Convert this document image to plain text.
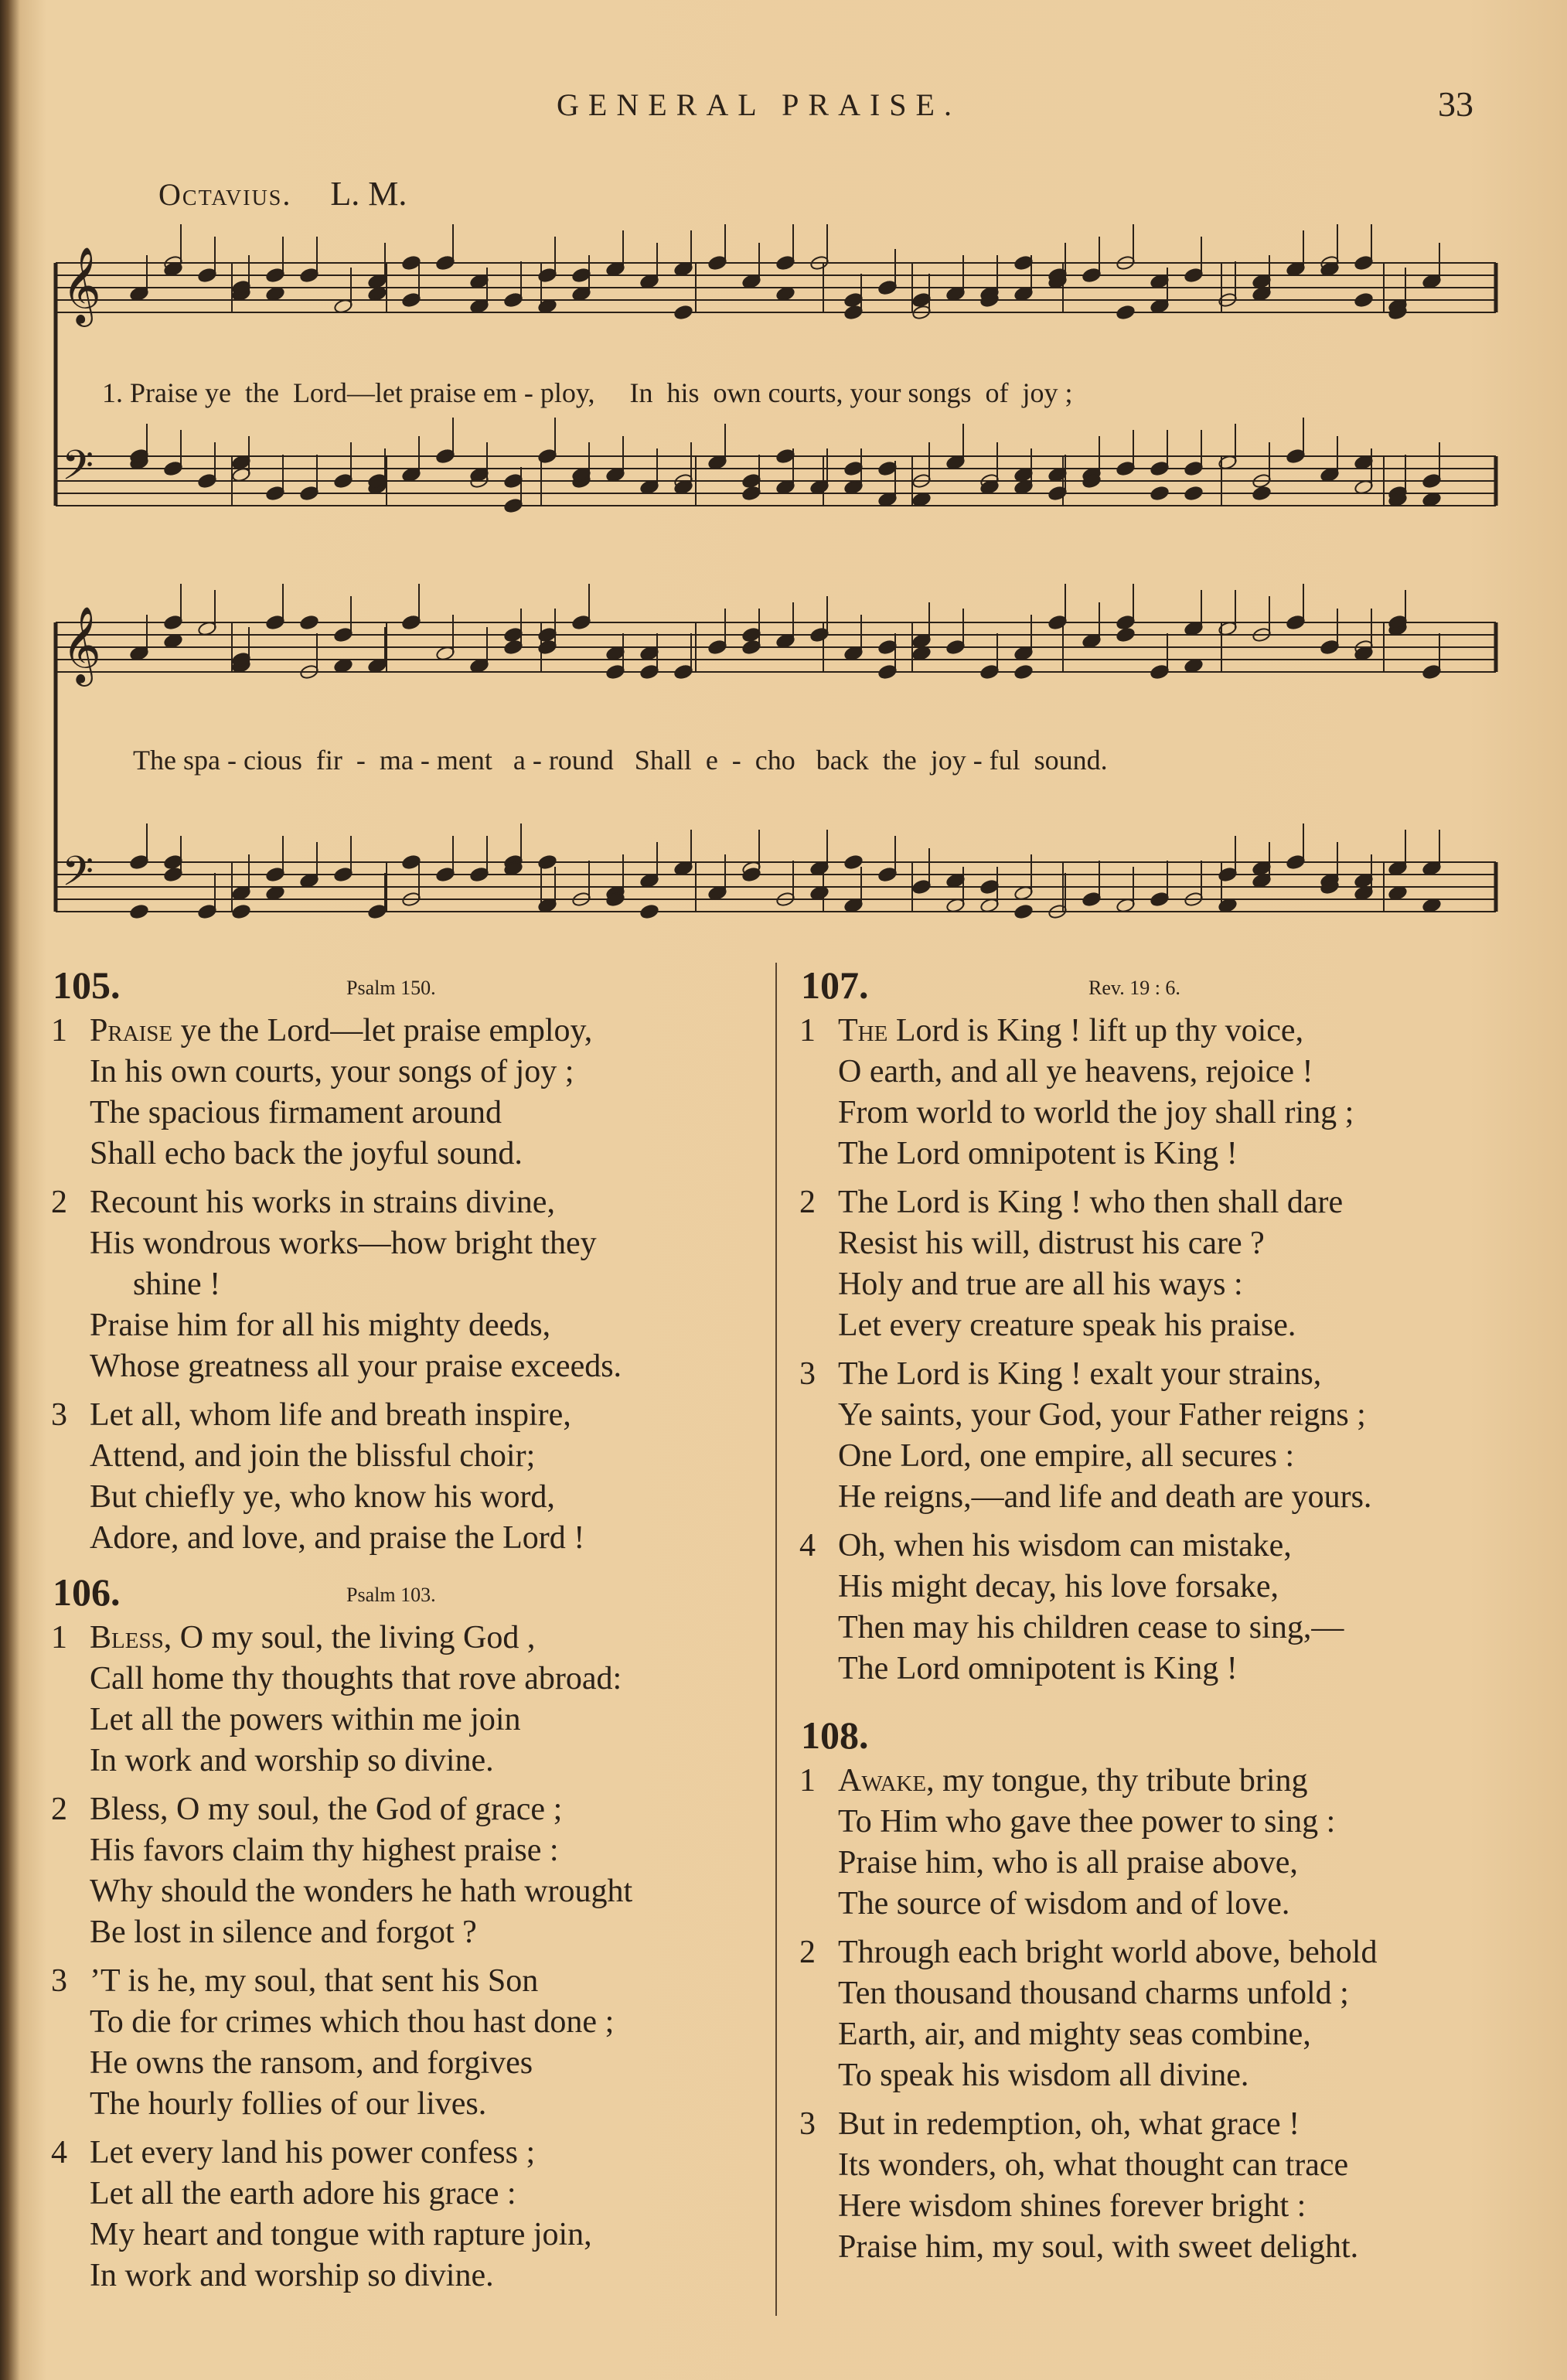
GENERAL PRAISE.	33
Octavius. L. M.
𝄞
𝄢
𝄞
𝄢
1. Praise ye  the  Lord—let praise em - ploy,     In  his  own courts, your songs  of  joy ;
The spa - cious  fir  -  ma - ment   a - round   Shall  e  -  cho   back  the  joy - ful  sound.
105.	Psalm 150.
1 Praise ye the Lord—let praise employ,
In his own courts, your songs of joy ;
The spacious firmament around
Shall echo back the joyful sound.
2 Recount his works in strains divine,
His wondrous works—how bright they
shine !
Praise him for all his mighty deeds,
Whose greatness all your praise exceeds.
3 Let all, whom life and breath inspire,
Attend, and join the blissful choir;
But chiefly ye, who know his word,
Adore, and love, and praise the Lord !
106.	Psalm 103.
1 Bless, O my soul, the living God ,
Call home thy thoughts that rove abroad:
Let all the powers within me join
In work and worship so divine.
2 Bless, O my soul, the God of grace ;
His favors claim thy highest praise :
Why should the wonders he hath wrought
Be lost in silence and forgot ?
3 ’T is he, my soul, that sent his Son
To die for crimes which thou hast done ;
He owns the ransom, and forgives
The hourly follies of our lives.
4 Let every land his power confess ;
Let all the earth adore his grace :
My heart and tongue with rapture join,
In work and worship so divine.
107.	Rev. 19 : 6.
1 The Lord is King ! lift up thy voice,
O earth, and all ye heavens, rejoice !
From world to world the joy shall ring ;
The Lord omnipotent is King !
2 The Lord is King ! who then shall dare
Resist his will, distrust his care ?
Holy and true are all his ways :
Let every creature speak his praise.
3 The Lord is King ! exalt your strains,
Ye saints, your God, your Father reigns ;
One Lord, one empire, all secures :
He reigns,—and life and death are yours.
4 Oh, when his wisdom can mistake,
His might decay, his love forsake,
Then may his children cease to sing,—
The Lord omnipotent is King !
108.
1 Awake, my tongue, thy tribute bring
To Him who gave thee power to sing :
Praise him, who is all praise above,
The source of wisdom and of love.
2 Through each bright world above, behold
Ten thousand thousand charms unfold ;
Earth, air, and mighty seas combine,
To speak his wisdom all divine.
3 But in redemption, oh, what grace !
Its wonders, oh, what thought can trace
Here wisdom shines forever bright :
Praise him, my soul, with sweet delight.
